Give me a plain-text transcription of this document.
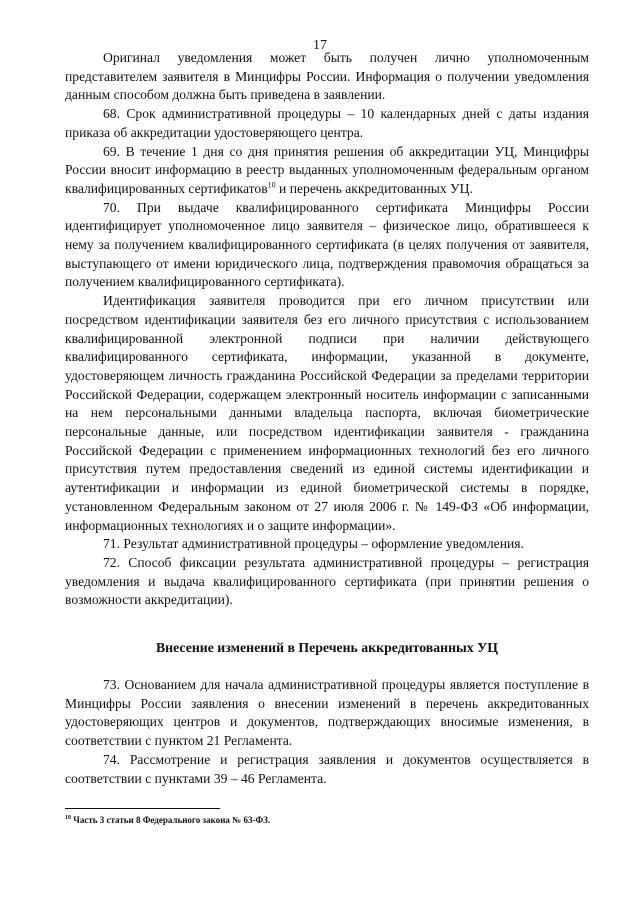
17

Оригинал уведомления может быть получен лично уполномоченным представителем заявителя в Минцифры России. Информация о получении уведомления данным способом должна быть приведена в заявлении.

68. Срок административной процедуры – 10 календарных дней с даты издания приказа об аккредитации удостоверяющего центра.

69. В течение 1 дня со дня принятия решения об аккредитации УЦ, Минцифры России вносит информацию в реестр выданных уполномоченным федеральным органом квалифицированных сертификатов$^{10}$ и перечень аккредитованных УЦ.

70. При выдаче квалифицированного сертификата Минцифры России идентифицирует уполномоченное лицо заявителя – физическое лицо, обратившееся к нему за получением квалифицированного сертификата (в целях получения от заявителя, выступающего от имени юридического лица, подтверждения правомочия обращаться за получением квалифицированного сертификата).

Идентификация заявителя проводится при его личном присутствии или посредством идентификации заявителя без его личного присутствия с использованием квалифицированной электронной подписи при наличии действующего квалифицированного сертификата, информации, указанной в документе, удостоверяющем личность гражданина Российской Федерации за пределами территории Российской Федерации, содержащем электронный носитель информации с записанными на нем персональными данными владельца паспорта, включая биометрические персональные данные, или посредством идентификации заявителя - гражданина Российской Федерации с применением информационных технологий без его личного присутствия путем предоставления сведений из единой системы идентификации и аутентификации и информации из единой биометрической системы в порядке, установленном Федеральным законом от 27 июля 2006 г. № 149-ФЗ «Об информации, информационных технологиях и о защите информации».

71. Результат административной процедуры – оформление уведомления.

72. Способ фиксации результата административной процедуры – регистрация уведомления и выдача квалифицированного сертификата (при принятии решения о возможности аккредитации).

Внесение изменений в Перечень аккредитованных УЦ

73. Основанием для начала административной процедуры является поступление в Минцифры России заявления о внесении изменений в перечень аккредитованных удостоверяющих центров и документов, подтверждающих вносимые изменения, в соответствии с пунктом 21 Регламента.

74. Рассмотрение и регистрация заявления и документов осуществляется в соответствии с пунктами 39 – 46 Регламента.

$^{10}$ Часть 3 статьи 8 Федерального закона № 63-ФЗ.
